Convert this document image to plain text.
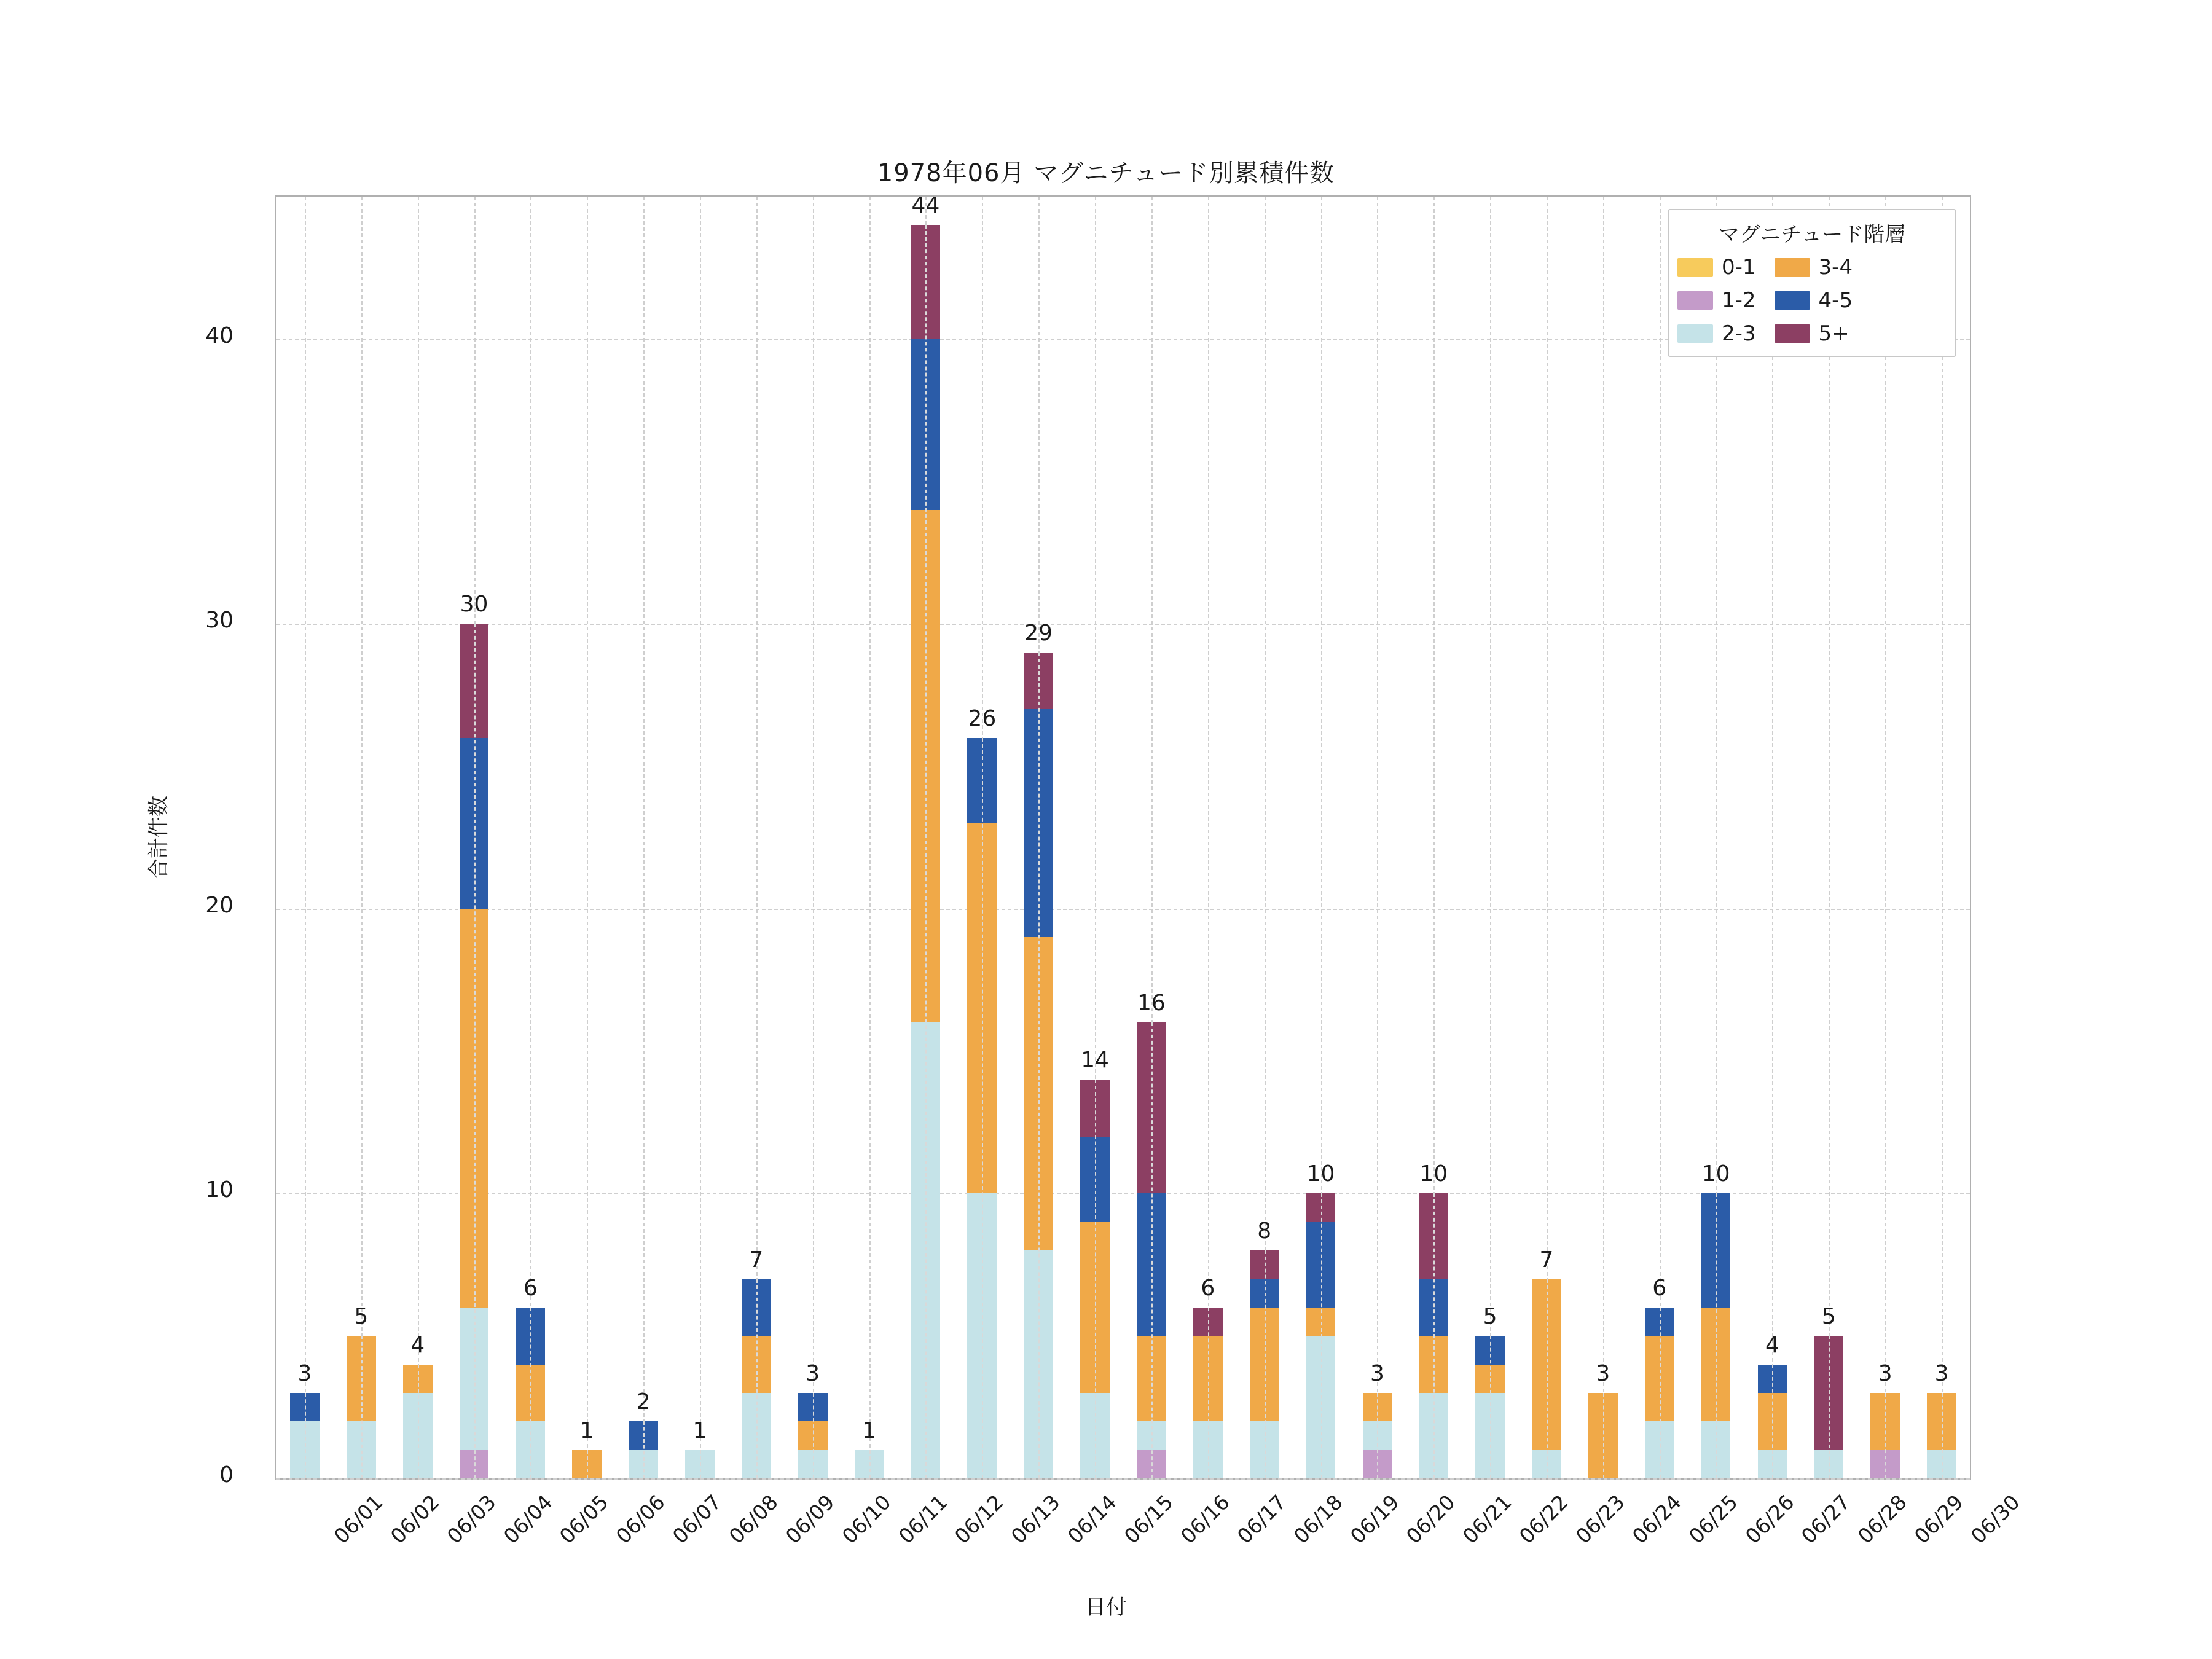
1978年06月 マグニチュード別累積件数
合計件数
日付
3
5
4
30
6
1
2
1
7
3
1
44
26
29
14
16
6
8
10
3
10
5
7
3
6
10
4
5
3 3
0
10
20
30
40
06/01
06/02
06/03
06/04
06/05
06/06
06/07
06/08
06/09
06/10
06/11
06/12
06/13
06/14
06/15
06/16
06/17
06/18
06/19
06/20
06/21
06/22
06/23
06/24
06/25
06/26
06/27
06/28
06/29
06/30
マグニチュード階層
0-1
1-2
2-3
3-4
4-5
5+
